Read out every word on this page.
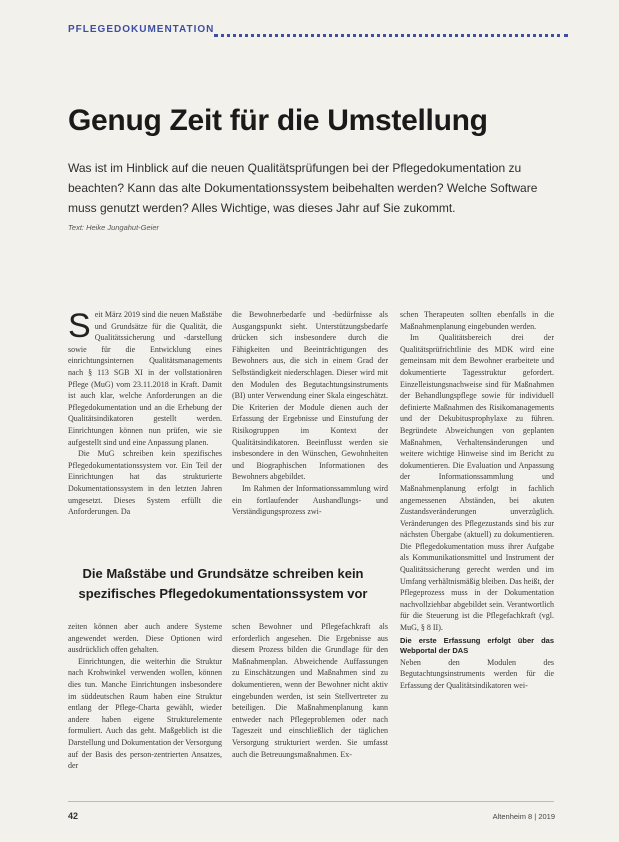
PFLEGEDOKUMENTATION
Genug Zeit für die Umstellung
Was ist im Hinblick auf die neuen Qualitätsprüfungen bei der Pflegedokumentation zu beachten? Kann das alte Dokumentationssystem beibehalten werden? Welche Software muss genutzt werden? Alles Wichtige, was dieses Jahr auf Sie zukommt.
Text: Heike Jungahut-Geier

Seit März 2019 sind die neuen Maßstäbe und Grundsätze für die Qualität, die Qualitätssicherung und -darstellung sowie für die Entwicklung eines einrichtungsinternen Qualitätsmanagements nach § 113 SGB XI in der vollstationären Pflege (MuG) vom 23.11.2018 in Kraft. Damit ist auch klar, welche Anforderungen an die Pflegedokumentation und an die Erhebung der Qualitätsindikatoren gestellt werden. Einrichtungen können nun prüfen, wie sie aufgestellt sind und eine Anpassung planen.

Die MuG schreiben kein spezifisches Pflegedokumentationssystem vor. Ein Teil der Einrichtungen hat das strukturierte Dokumentationssystem in den letzten Jahren umgesetzt. Dieses System erfüllt die Anforderungen. Da

die Bewohnerbedarfe und -bedürfnisse als Ausgangspunkt sieht. Unterstützungsbedarfe drücken sich insbesondere durch die Fähigkeiten und Beeinträchtigungen des Bewohners aus, die sich in einem Grad der Selbständigkeit niederschlagen. Dieser wird mit den Modulen des Begutachtungsinstruments (BI) unter Verwendung einer Skala eingeschätzt. Die Kriterien der Module dienen auch der Erfassung der Ergebnisse und Einstufung der Risikogruppen im Kontext der Qualitätsindikatoren. Beeinflusst werden sie insbesondere in den Wünschen, Gewohnheiten und Biographischen Informationen des Bewohners abgebildet.

Im Rahmen der Informationssammlung wird ein fortlaufender Aushandlungs- und Verständigungsprozess zwi-

schen Therapeuten sollten ebenfalls in die Maßnahmenplanung eingebunden werden.

Im Qualitätsbereich drei der Qualitätsprüfrichtlinie des MDK wird eine gemeinsam mit dem Bewohner erarbeitete und dokumentierte Tagesstruktur gefordert. Einzelleistungsnachweise sind für Maßnahmen der Behandlungspflege sowie für individuell definierte Maßnahmen des Risikomanagements und der Dekubitusprophylaxe zu führen. Begründete Abweichungen von geplanten Maßnahmen, Verhaltensänderungen und weitere wichtige Hinweise sind im Bericht zu dokumentieren. Die Evaluation und Anpassung der Informationssammlung und Maßnahmenplanung erfolgt in fachlich angemessenen Abständen, bei akuten Zustandsveränderungen unverzüglich. Veränderungen des Pflegezustands sind bis zur nächsten Übergabe (aktuell) zu dokumentieren. Die Pflegedokumentation muss ihrer Aufgabe als Kommunikationsmittel und Instrument der Qualitätssicherung gerecht werden und im Umfang verhältnismäßig bleiben. Das heißt, der Pflegeprozess muss in der Dokumentation nachvollziehbar abgebildet sein. Verantwortlich für die Steuerung ist die Pflegefachkraft (vgl. MuG, § 8 II).

Die erste Erfassung erfolgt über das Webportal der DAS

Neben den Modulen des Begutachtungsinstruments werden für die Erfassung der Qualitätsindikatoren wei-

Die Maßstäbe und Grundsätze schreiben kein spezifisches Pflegedokumentationssystem vor

zeiten können aber auch andere Systeme angewendet werden. Diese Optionen wird ausdrücklich offen gehalten.

Einrichtungen, die weiterhin die Struktur nach Krohwinkel verwenden wollen, können dies tun. Manche Einrichtungen insbesondere im süddeutschen Raum haben eine Struktur entlang der Pflege-Charta gewählt, wieder andere haben eigene Strukturelemente formuliert. Auch das geht. Maßgeblich ist die Darstellung und Dokumentation der Versorgung auf der Basis des person-zentrierten Ansatzes, der

schen Bewohner und Pflegefachkraft als erforderlich angesehen. Die Ergebnisse aus diesem Prozess bilden die Grundlage für den Maßnahmenplan. Abweichende Auffassungen zu Einschätzungen und Maßnahmen sind zu dokumentieren, wenn der Bewohner nicht aktiv eingebunden werden, ist sein Stellvertreter zu beteiligen. Die Maßnahmenplanung kann entweder nach Pflegeproblemen oder nach Tageszeit und einschließlich der täglichen Versorgung strukturiert werden. Sie umfasst auch die Betreuungsmaßnahmen. Ex-

42	Altenheim 8 | 2019
